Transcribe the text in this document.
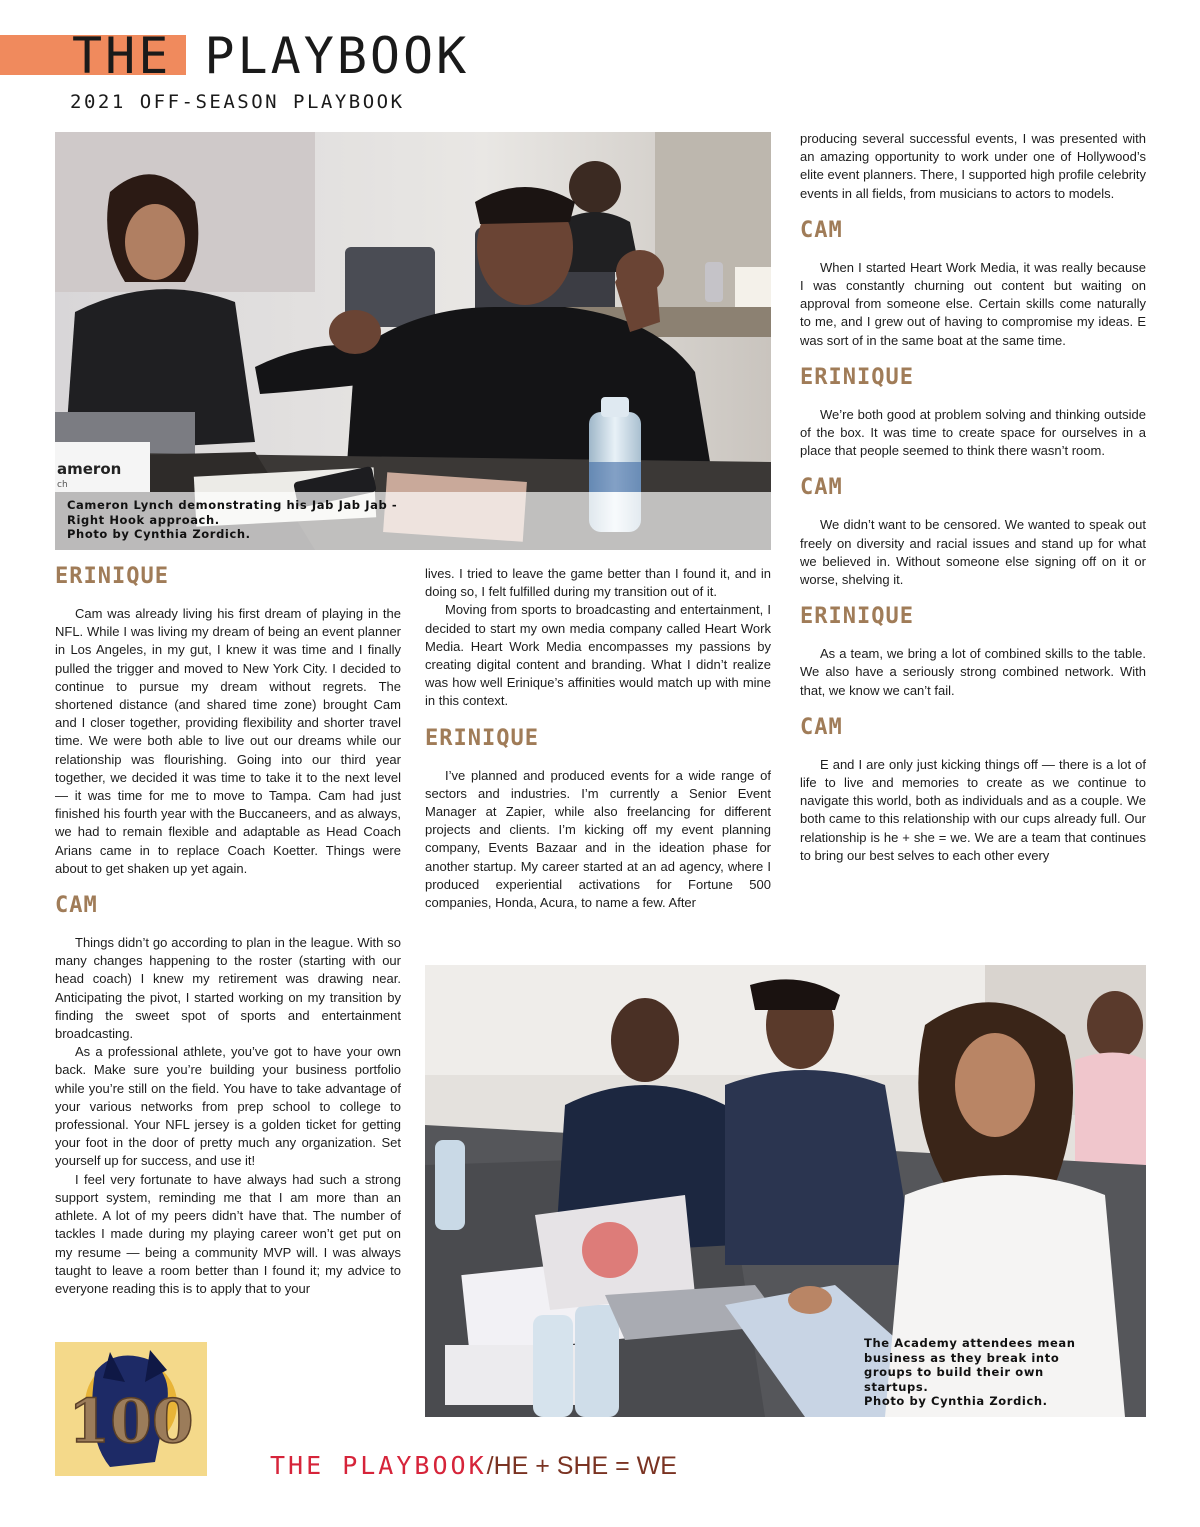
THE PLAYBOOK
2021 OFF-SEASON PLAYBOOK
ameron
ch
Cameron Lynch demonstrating his Jab Jab Jab -
Right Hook approach.
Photo by Cynthia Zordich.
ERINIQUE

Cam was already living his first dream of playing in the NFL. While I was living my dream of being an event planner in Los Angeles, in my gut, I knew it was time and I finally pulled the trigger and moved to New York City. I decided to continue to pursue my dream without regrets. The shortened distance (and shared time zone) brought Cam and I closer together, providing flexibility and shorter travel time. We were both able to live out our dreams while our relationship was flourishing. Going into our third year together, we decided it was time to take it to the next level — it was time for me to move to Tampa. Cam had just finished his fourth year with the Buccaneers, and as always, we had to remain flexible and adaptable as Head Coach Arians came in to replace Coach Koetter. Things were about to get shaken up yet again.

CAM

Things didn’t go according to plan in the league. With so many changes happening to the roster (starting with our head coach) I knew my retirement was drawing near. Anticipating the pivot, I started working on my transition by finding the sweet spot of sports and entertainment broadcasting.

As a professional athlete, you’ve got to have your own back. Make sure you’re building your business portfolio while you’re still on the field. You have to take advantage of your various networks from prep school to college to professional. Your NFL jersey is a golden ticket for getting your foot in the door of pretty much any organization. Set yourself up for success, and use it!

I feel very fortunate to have always had such a strong support system, reminding me that I am more than an athlete. A lot of my peers didn’t have that. The number of tackles I made during my playing career won’t get put on my resume — being a community MVP will. I was always taught to leave a room better than I found it; my advice to everyone reading this is to apply that to your

lives. I tried to leave the game better than I found it, and in doing so, I felt fulfilled during my transition out of it.

Moving from sports to broadcasting and entertainment, I decided to start my own media company called Heart Work Media. Heart Work Media encompasses my passions by creating digital content and branding. What I didn’t realize was how well Erinique’s affinities would match up with mine in this context.

ERINIQUE

I’ve planned and produced events for a wide range of sectors and industries. I’m currently a Senior Event Manager at Zapier, while also freelancing for different projects and clients. I’m kicking off my event planning company, Events Bazaar and in the ideation phase for another startup. My career started at an ad agency, where I produced experiential activations for Fortune 500 companies, Honda, Acura, to name a few. After

producing several successful events, I was presented with an amazing opportunity to work under one of Hollywood’s elite event planners. There, I supported high profile celebrity events in all fields, from musicians to actors to models.

CAM

When I started Heart Work Media, it was really because I was constantly churning out content but waiting on approval from someone else. Certain skills come naturally to me, and I grew out of having to compromise my ideas. E was sort of in the same boat at the same time.

ERINIQUE

We’re both good at problem solving and thinking outside of the box. It was time to create space for ourselves in a place that people seemed to think there wasn’t room.

CAM

We didn’t want to be censored. We wanted to speak out freely on diversity and racial issues and stand up for what we believed in. Without someone else signing off on it or worse, shelving it.

ERINIQUE

As a team, we bring a lot of combined skills to the table. We also have a seriously strong combined network. With that, we know we can’t fail.

CAM

E and I are only just kicking things off — there is a lot of life to live and memories to create as we continue to navigate this world, both as individuals and as a couple. We both came to this relationship with our cups already full. Our relationship is he + she = we. We are a team that continues to bring our best selves to each other every

The Academy attendees mean
business as they break into
groups to build their own
startups.
Photo by Cynthia Zordich.
100
THE PLAYBOOK/HE + SHE = WE
